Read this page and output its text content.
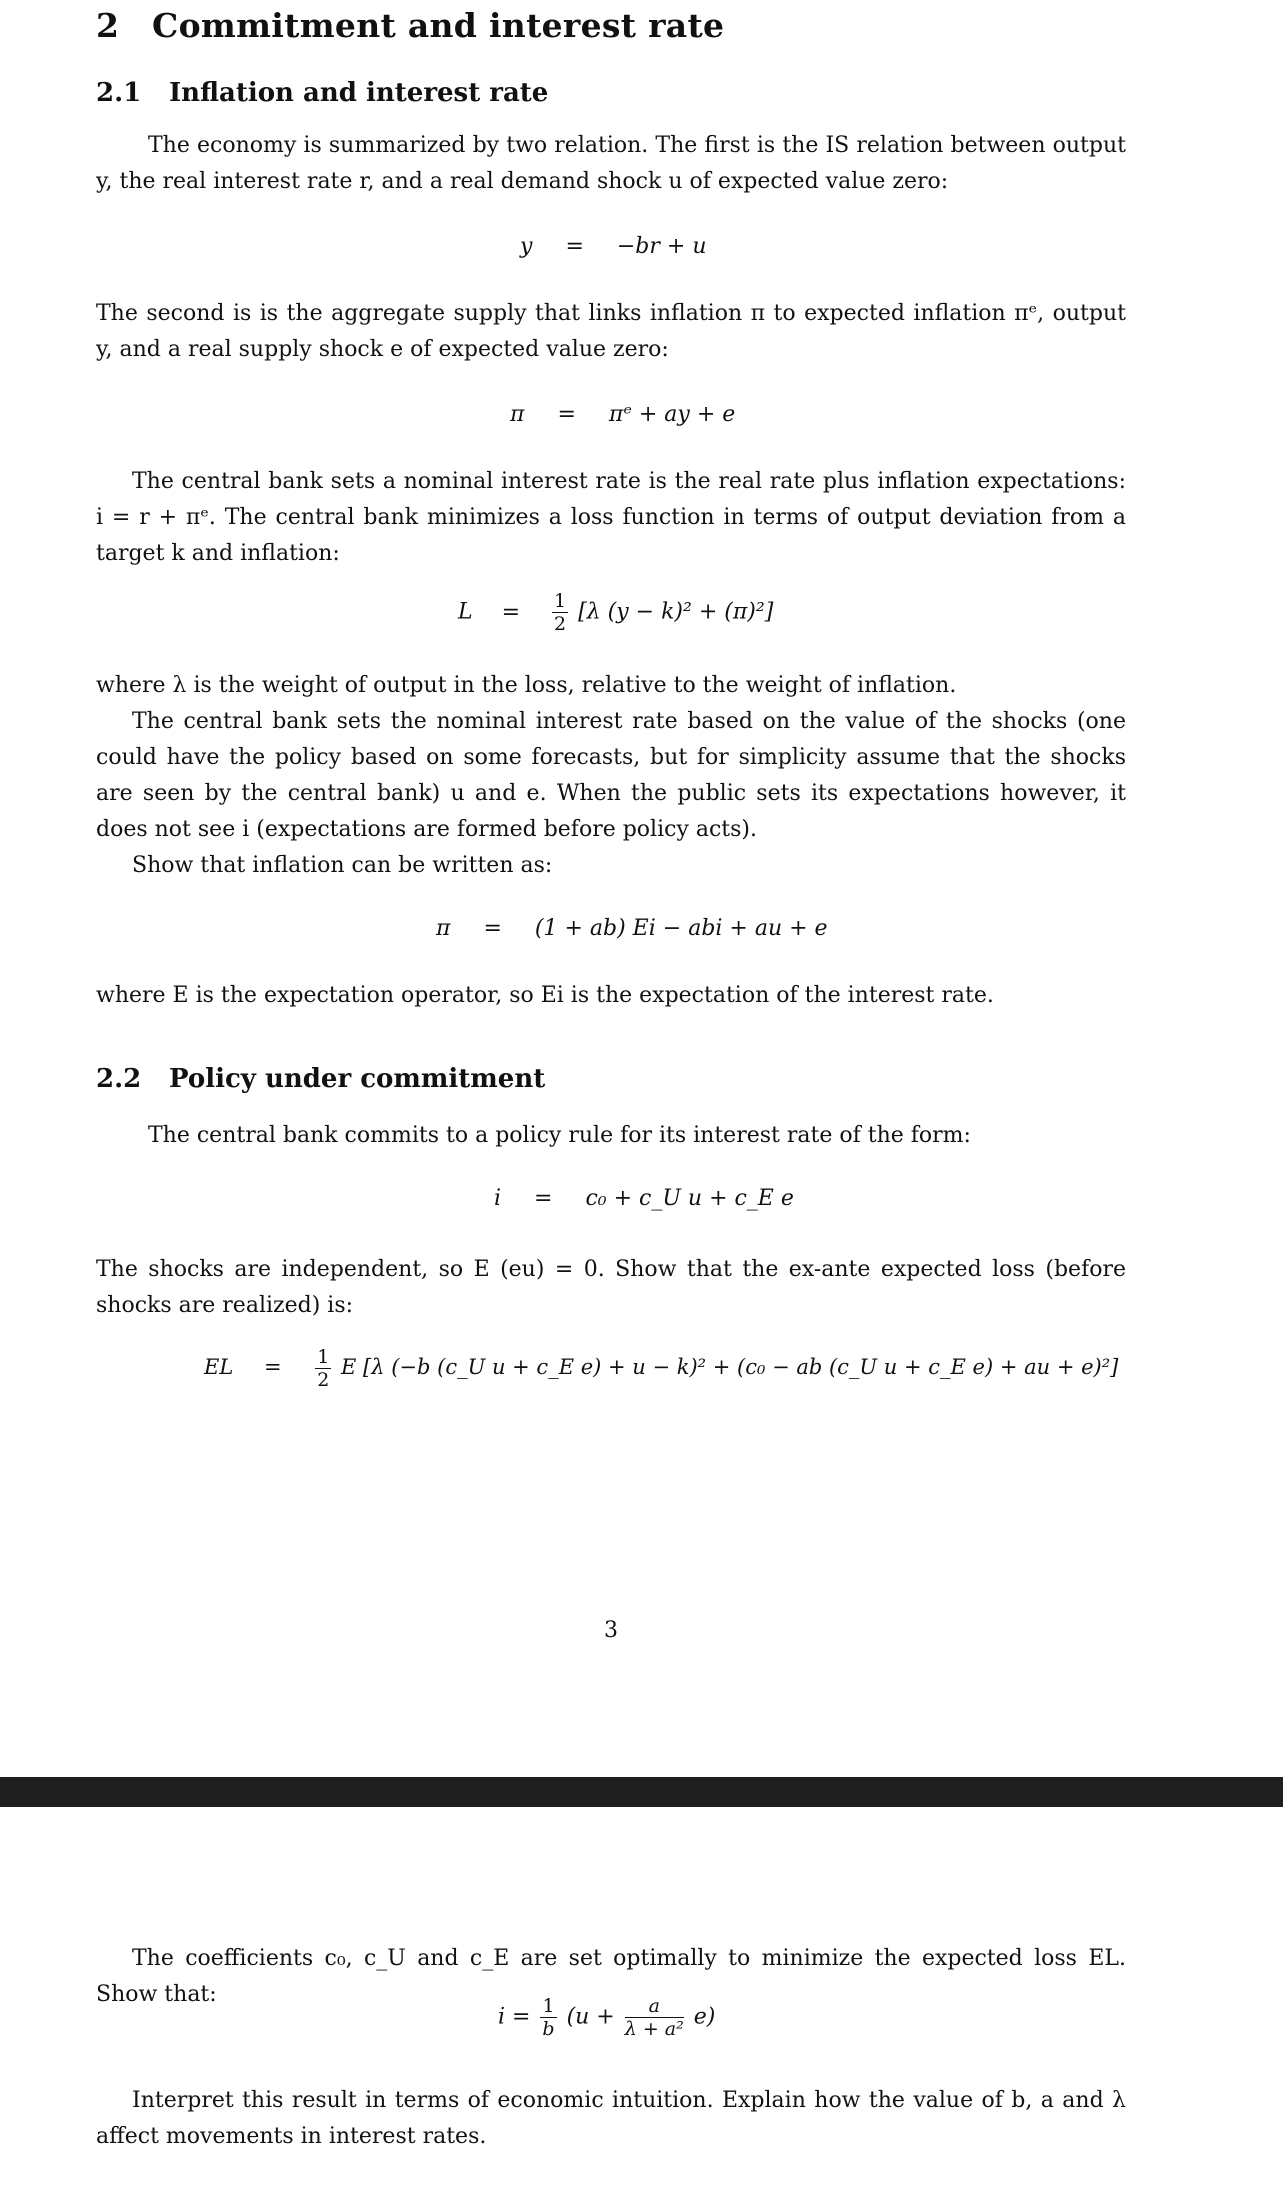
2 Commitment and interest rate
2.1 Inflation and interest rate
The economy is summarized by two relation. The first is the IS relation between output y, the real interest rate r, and a real demand shock u of expected value zero:
y = −br + u
The second is is the aggregate supply that links inflation π to expected inflation πᵉ, output y, and a real supply shock e of expected value zero:
π = πᵉ + ay + e
The central bank sets a nominal interest rate is the real rate plus inflation expectations: i = r + πᵉ. The central bank minimizes a loss function in terms of output deviation from a target k and inflation:
$L = \frac{1}{2} [\lambda$ (y − k)² + (π)²]
where λ is the weight of output in the loss, relative to the weight of inflation.
The central bank sets the nominal interest rate based on the value of the shocks (one could have the policy based on some forecasts, but for simplicity assume that the shocks are seen by the central bank) u and e. When the public sets its expectations however, it does not see i (expectations are formed before policy acts).
Show that inflation can be written as:
π = (1 + ab) Ei − abi + au + e
where E is the expectation operator, so Ei is the expectation of the interest rate.
2.2 Policy under commitment
The central bank commits to a policy rule for its interest rate of the form:
i = c₀ + c_U u + c_E e
The shocks are independent, so E (eu) = 0. Show that the ex-ante expected loss (before shocks are realized) is:
EL = $\frac{1}{2}$ E [λ (−b (c_U u + c_E e) + u − k)² + (c₀ − ab (c_U u + c_E e) + au + e)²]
3
The coefficients c₀, c_U and c_E are set optimally to minimize the expected loss EL. Show that:
$i = \frac{1}{b} (u + \frac{a}{\text{λ + a²}} e)$
Interpret this result in terms of economic intuition. Explain how the value of b, a and λ affect movements in interest rates.
